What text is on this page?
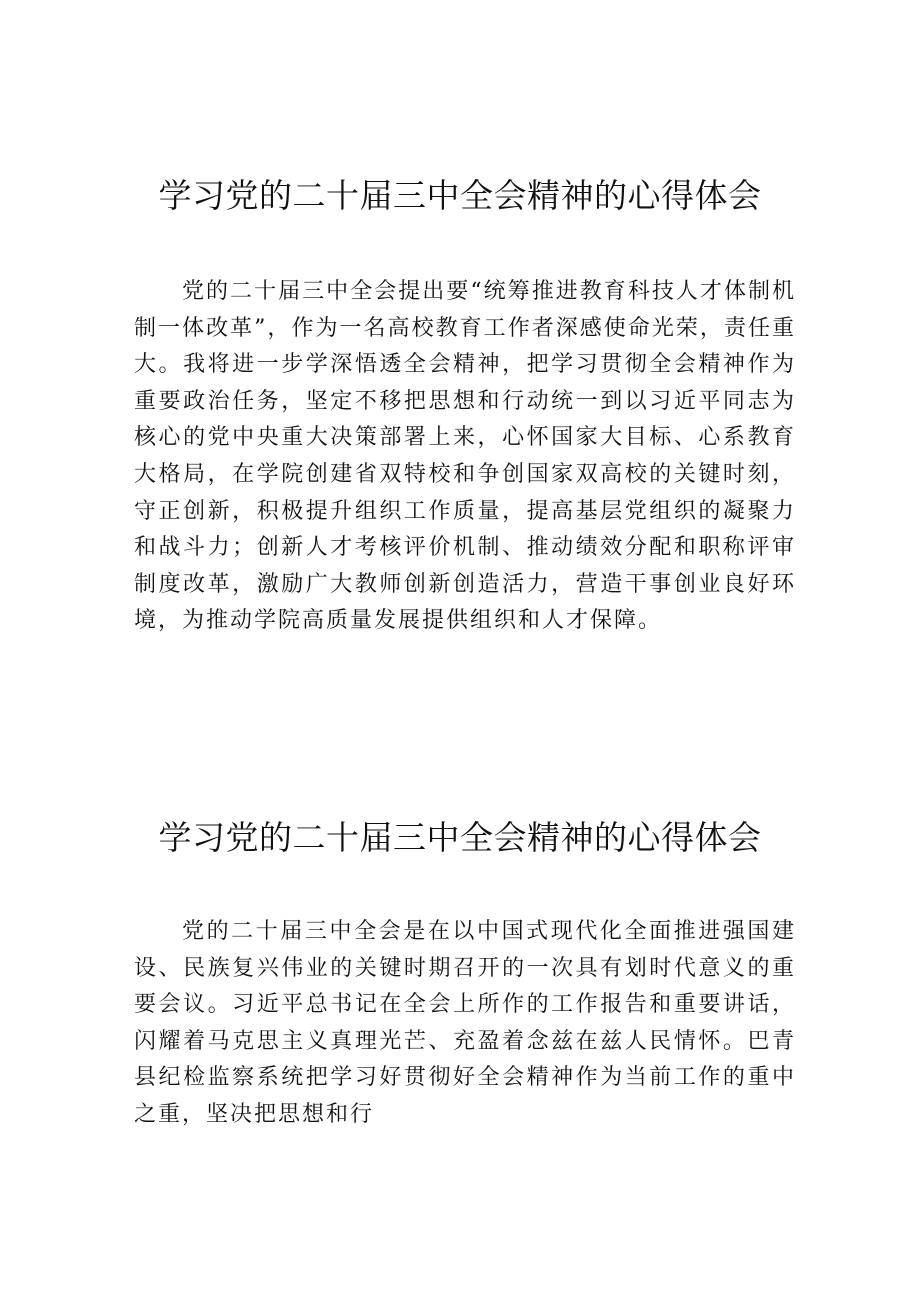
学习党的二十届三中全会精神的心得体会

党的二十届三中全会提出要“统筹推进教育科技人才体制机制一体改革”，作为一名高校教育工作者深感使命光荣，责任重大。我将进一步学深悟透全会精神，把学习贯彻全会精神作为重要政治任务，坚定不移把思想和行动统一到以习近平同志为核心的党中央重大决策部署上来，心怀国家大目标、心系教育大格局，在学院创建省双特校和争创国家双高校的关键时刻，守正创新，积极提升组织工作质量，提高基层党组织的凝聚力和战斗力；创新人才考核评价机制、推动绩效分配和职称评审制度改革，激励广大教师创新创造活力，营造干事创业良好环境，为推动学院高质量发展提供组织和人才保障。

学习党的二十届三中全会精神的心得体会

党的二十届三中全会是在以中国式现代化全面推进强国建设、民族复兴伟业的关键时期召开的一次具有划时代意义的重要会议。习近平总书记在全会上所作的工作报告和重要讲话，闪耀着马克思主义真理光芒、充盈着念兹在兹人民情怀。巴青县纪检监察系统把学习好贯彻好全会精神作为当前工作的重中之重，坚决把思想和行
